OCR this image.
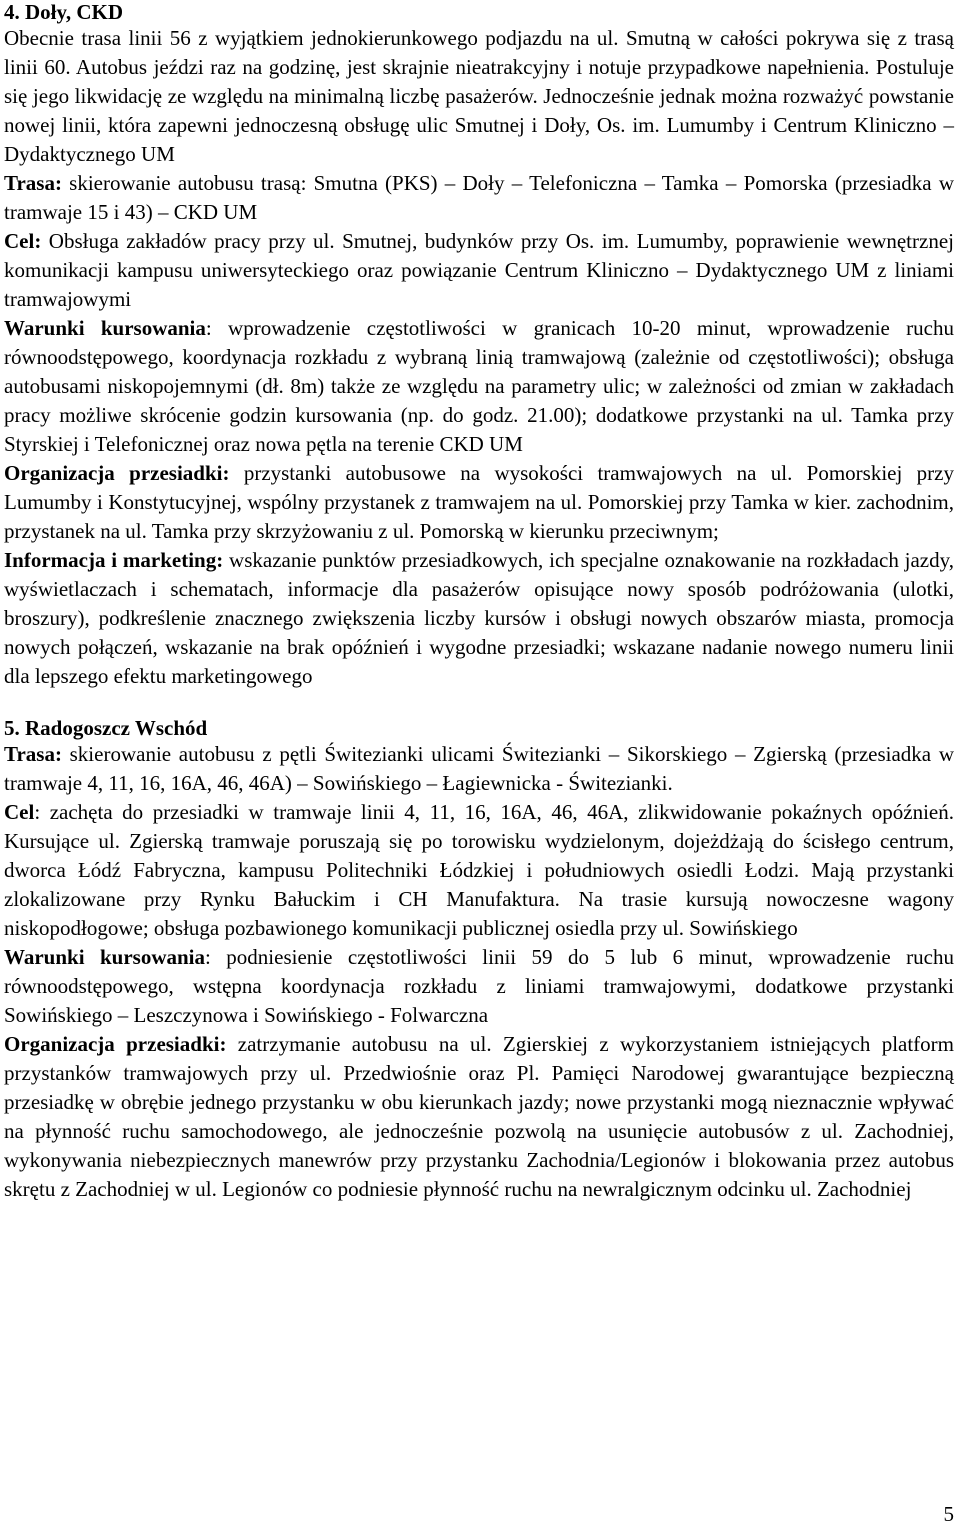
4. Doły, CKD

Obecnie trasa linii 56 z wyjątkiem jednokierunkowego podjazdu na ul. Smutną w całości pokrywa się z trasą linii 60. Autobus jeździ raz na godzinę, jest skrajnie nieatrakcyjny i notuje przypadkowe napełnienia. Postuluje się jego likwidację ze względu na minimalną liczbę pasażerów. Jednocześnie jednak można rozważyć powstanie nowej linii, która zapewni jednoczesną obsługę ulic Smutnej i Doły, Os. im. Lumumby i Centrum Kliniczno – Dydaktycznego UM

Trasa: skierowanie autobusu trasą: Smutna (PKS) – Doły – Telefoniczna – Tamka – Pomorska (przesiadka w tramwaje 15 i 43) – CKD UM

Cel: Obsługa zakładów pracy przy ul. Smutnej, budynków przy Os. im. Lumumby, poprawienie wewnętrznej komunikacji kampusu uniwersyteckiego oraz powiązanie Centrum Kliniczno – Dydaktycznego UM z liniami tramwajowymi

Warunki kursowania: wprowadzenie częstotliwości w granicach 10-20 minut, wprowadzenie ruchu równoodstępowego, koordynacja rozkładu z wybraną linią tramwajową (zależnie od częstotliwości); obsługa autobusami niskopojemnymi (dł. 8m) także ze względu na parametry ulic; w zależności od zmian w zakładach pracy możliwe skrócenie godzin kursowania (np. do godz. 21.00); dodatkowe przystanki na ul. Tamka przy Styrskiej i Telefonicznej oraz nowa pętla na terenie CKD UM

Organizacja przesiadki: przystanki autobusowe na wysokości tramwajowych na ul. Pomorskiej przy Lumumby i Konstytucyjnej, wspólny przystanek z tramwajem na ul. Pomorskiej przy Tamka w kier. zachodnim, przystanek na ul. Tamka przy skrzyżowaniu z ul. Pomorską w kierunku przeciwnym;

Informacja i marketing: wskazanie punktów przesiadkowych, ich specjalne oznakowanie na rozkładach jazdy, wyświetlaczach i schematach, informacje dla pasażerów opisujące nowy sposób podróżowania (ulotki, broszury), podkreślenie znacznego zwiększenia liczby kursów i obsługi nowych obszarów miasta, promocja nowych połączeń, wskazanie na brak opóźnień i wygodne przesiadki; wskazane nadanie nowego numeru linii dla lepszego efektu marketingowego

5. Radogoszcz Wschód

Trasa: skierowanie autobusu z pętli Świtezianki ulicami Świtezianki – Sikorskiego – Zgierską (przesiadka w tramwaje 4, 11, 16, 16A, 46, 46A) – Sowińskiego – Łagiewnicka - Świtezianki.

Cel: zachęta do przesiadki w tramwaje linii 4, 11, 16, 16A, 46, 46A, zlikwidowanie pokaźnych opóźnień. Kursujące ul. Zgierską tramwaje poruszają się po torowisku wydzielonym, dojeżdżają do ścisłego centrum, dworca Łódź Fabryczna, kampusu Politechniki Łódzkiej i południowych osiedli Łodzi. Mają przystanki zlokalizowane przy Rynku Bałuckim i CH Manufaktura. Na trasie kursują nowoczesne wagony niskopodłogowe; obsługa pozbawionego komunikacji publicznej osiedla przy ul. Sowińskiego

Warunki kursowania: podniesienie częstotliwości linii 59 do 5 lub 6 minut, wprowadzenie ruchu równoodstępowego, wstępna koordynacja rozkładu z liniami tramwajowymi, dodatkowe przystanki Sowińskiego – Leszczynowa i Sowińskiego - Folwarczna

Organizacja przesiadki: zatrzymanie autobusu na ul. Zgierskiej z wykorzystaniem istniejących platform przystanków tramwajowych przy ul. Przedwiośnie oraz Pl. Pamięci Narodowej gwarantujące bezpieczną przesiadkę w obrębie jednego przystanku w obu kierunkach jazdy; nowe przystanki mogą nieznacznie wpływać na płynność ruchu samochodowego, ale jednocześnie pozwolą na usunięcie autobusów z ul. Zachodniej, wykonywania niebezpiecznych manewrów przy przystanku Zachodnia/Legionów i blokowania przez autobus skrętu z Zachodniej w ul. Legionów co podniesie płynność ruchu na newralgicznym odcinku ul. Zachodniej

5
